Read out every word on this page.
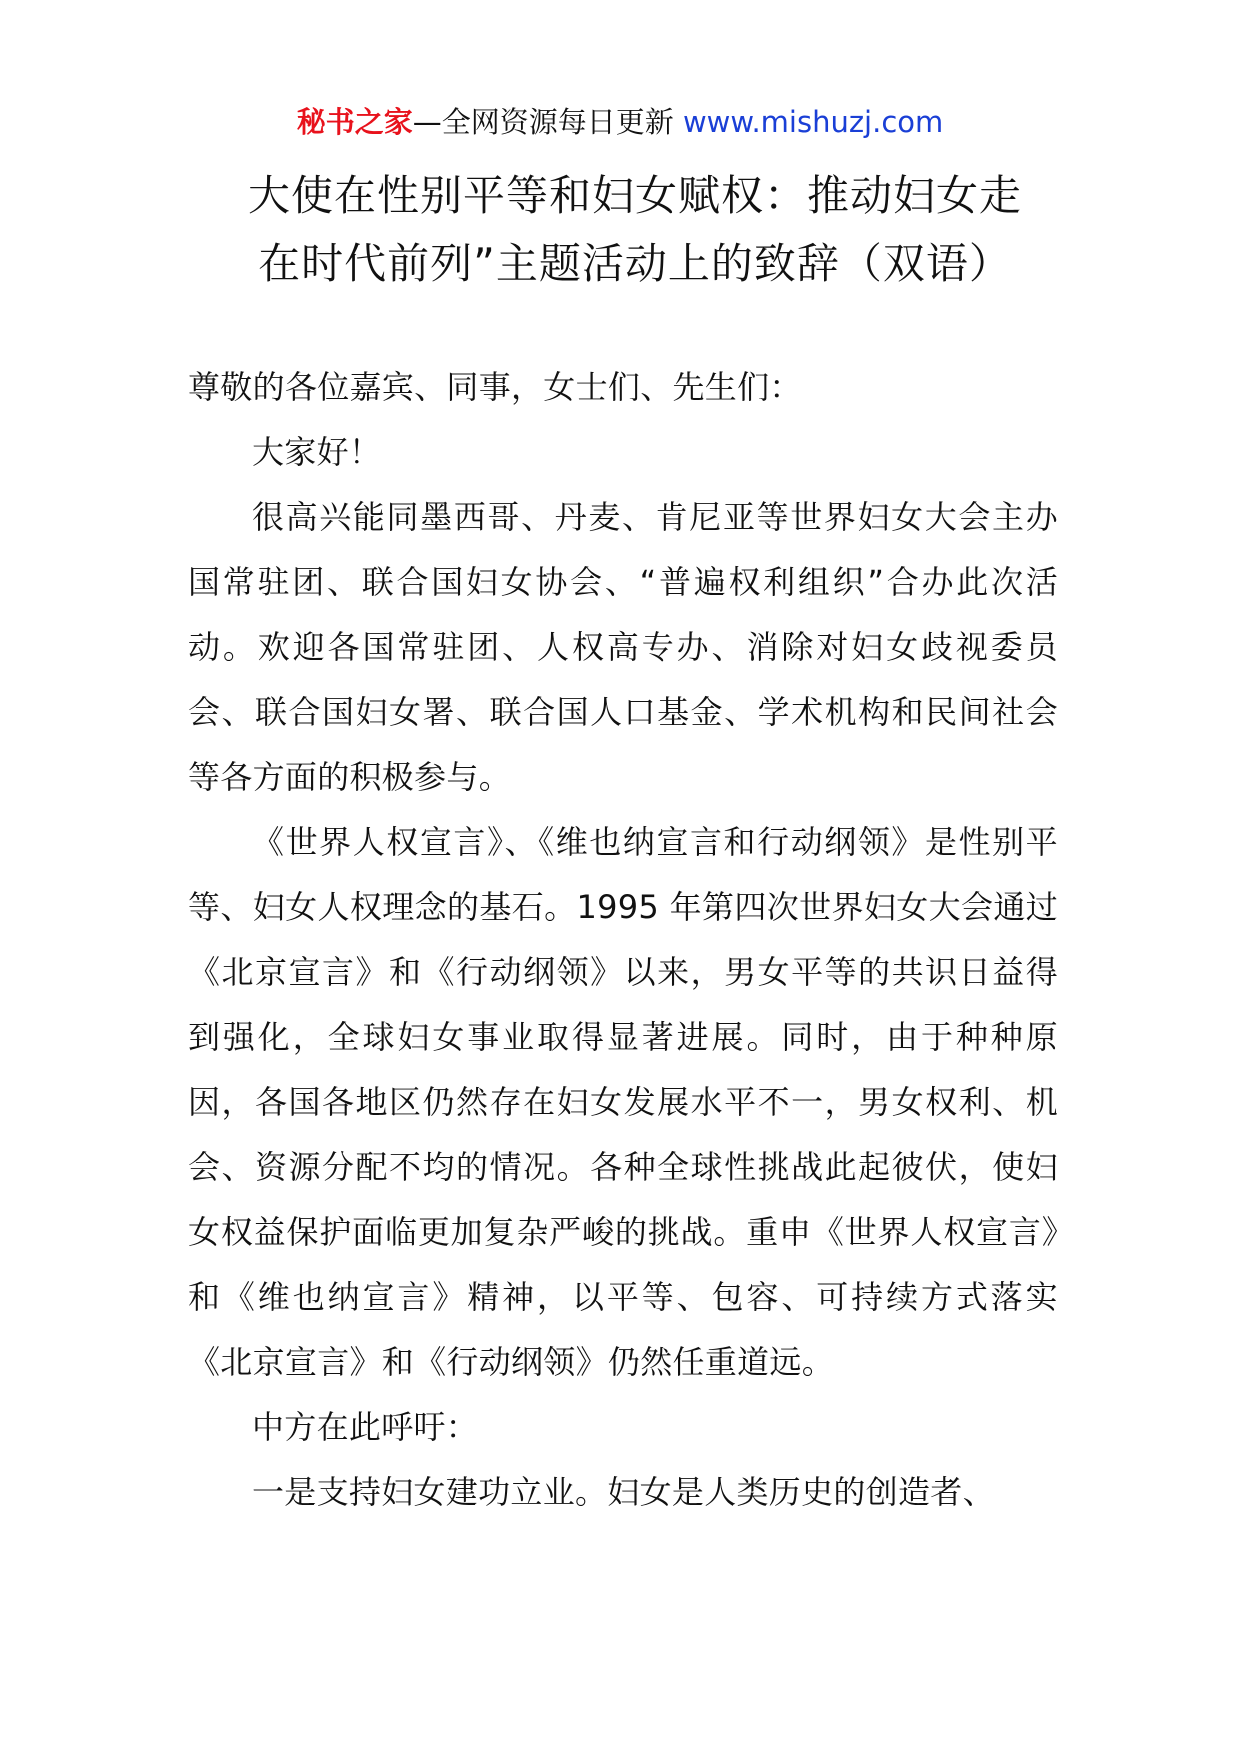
秘书之家—全网资源每日更新 www.mishuzj.com
大使在性别平等和妇女赋权：推动妇女走
在时代前列”主题活动上的致辞（双语）

尊敬的各位嘉宾、同事，女士们、先生们：

大家好！

很高兴能同墨西哥、丹麦、肯尼亚等世界妇女大会主办国常驻团、联合国妇女协会、“普遍权利组织”合办此次活动。欢迎各国常驻团、人权高专办、消除对妇女歧视委员会、联合国妇女署、联合国人口基金、学术机构和民间社会等各方面的积极参与。

《世界人权宣言》、《维也纳宣言和行动纲领》是性别平等、妇女人权理念的基石。1995 年第四次世界妇女大会通过《北京宣言》和《行动纲领》以来，男女平等的共识日益得到强化，全球妇女事业取得显著进展。同时，由于种种原因，各国各地区仍然存在妇女发展水平不一，男女权利、机会、资源分配不均的情况。各种全球性挑战此起彼伏，使妇女权益保护面临更加复杂严峻的挑战。重申《世界人权宣言》和《维也纳宣言》精神，以平等、包容、可持续方式落实《北京宣言》和《行动纲领》仍然任重道远。

中方在此呼吁：

一是支持妇女建功立业。妇女是人类历史的创造者、
